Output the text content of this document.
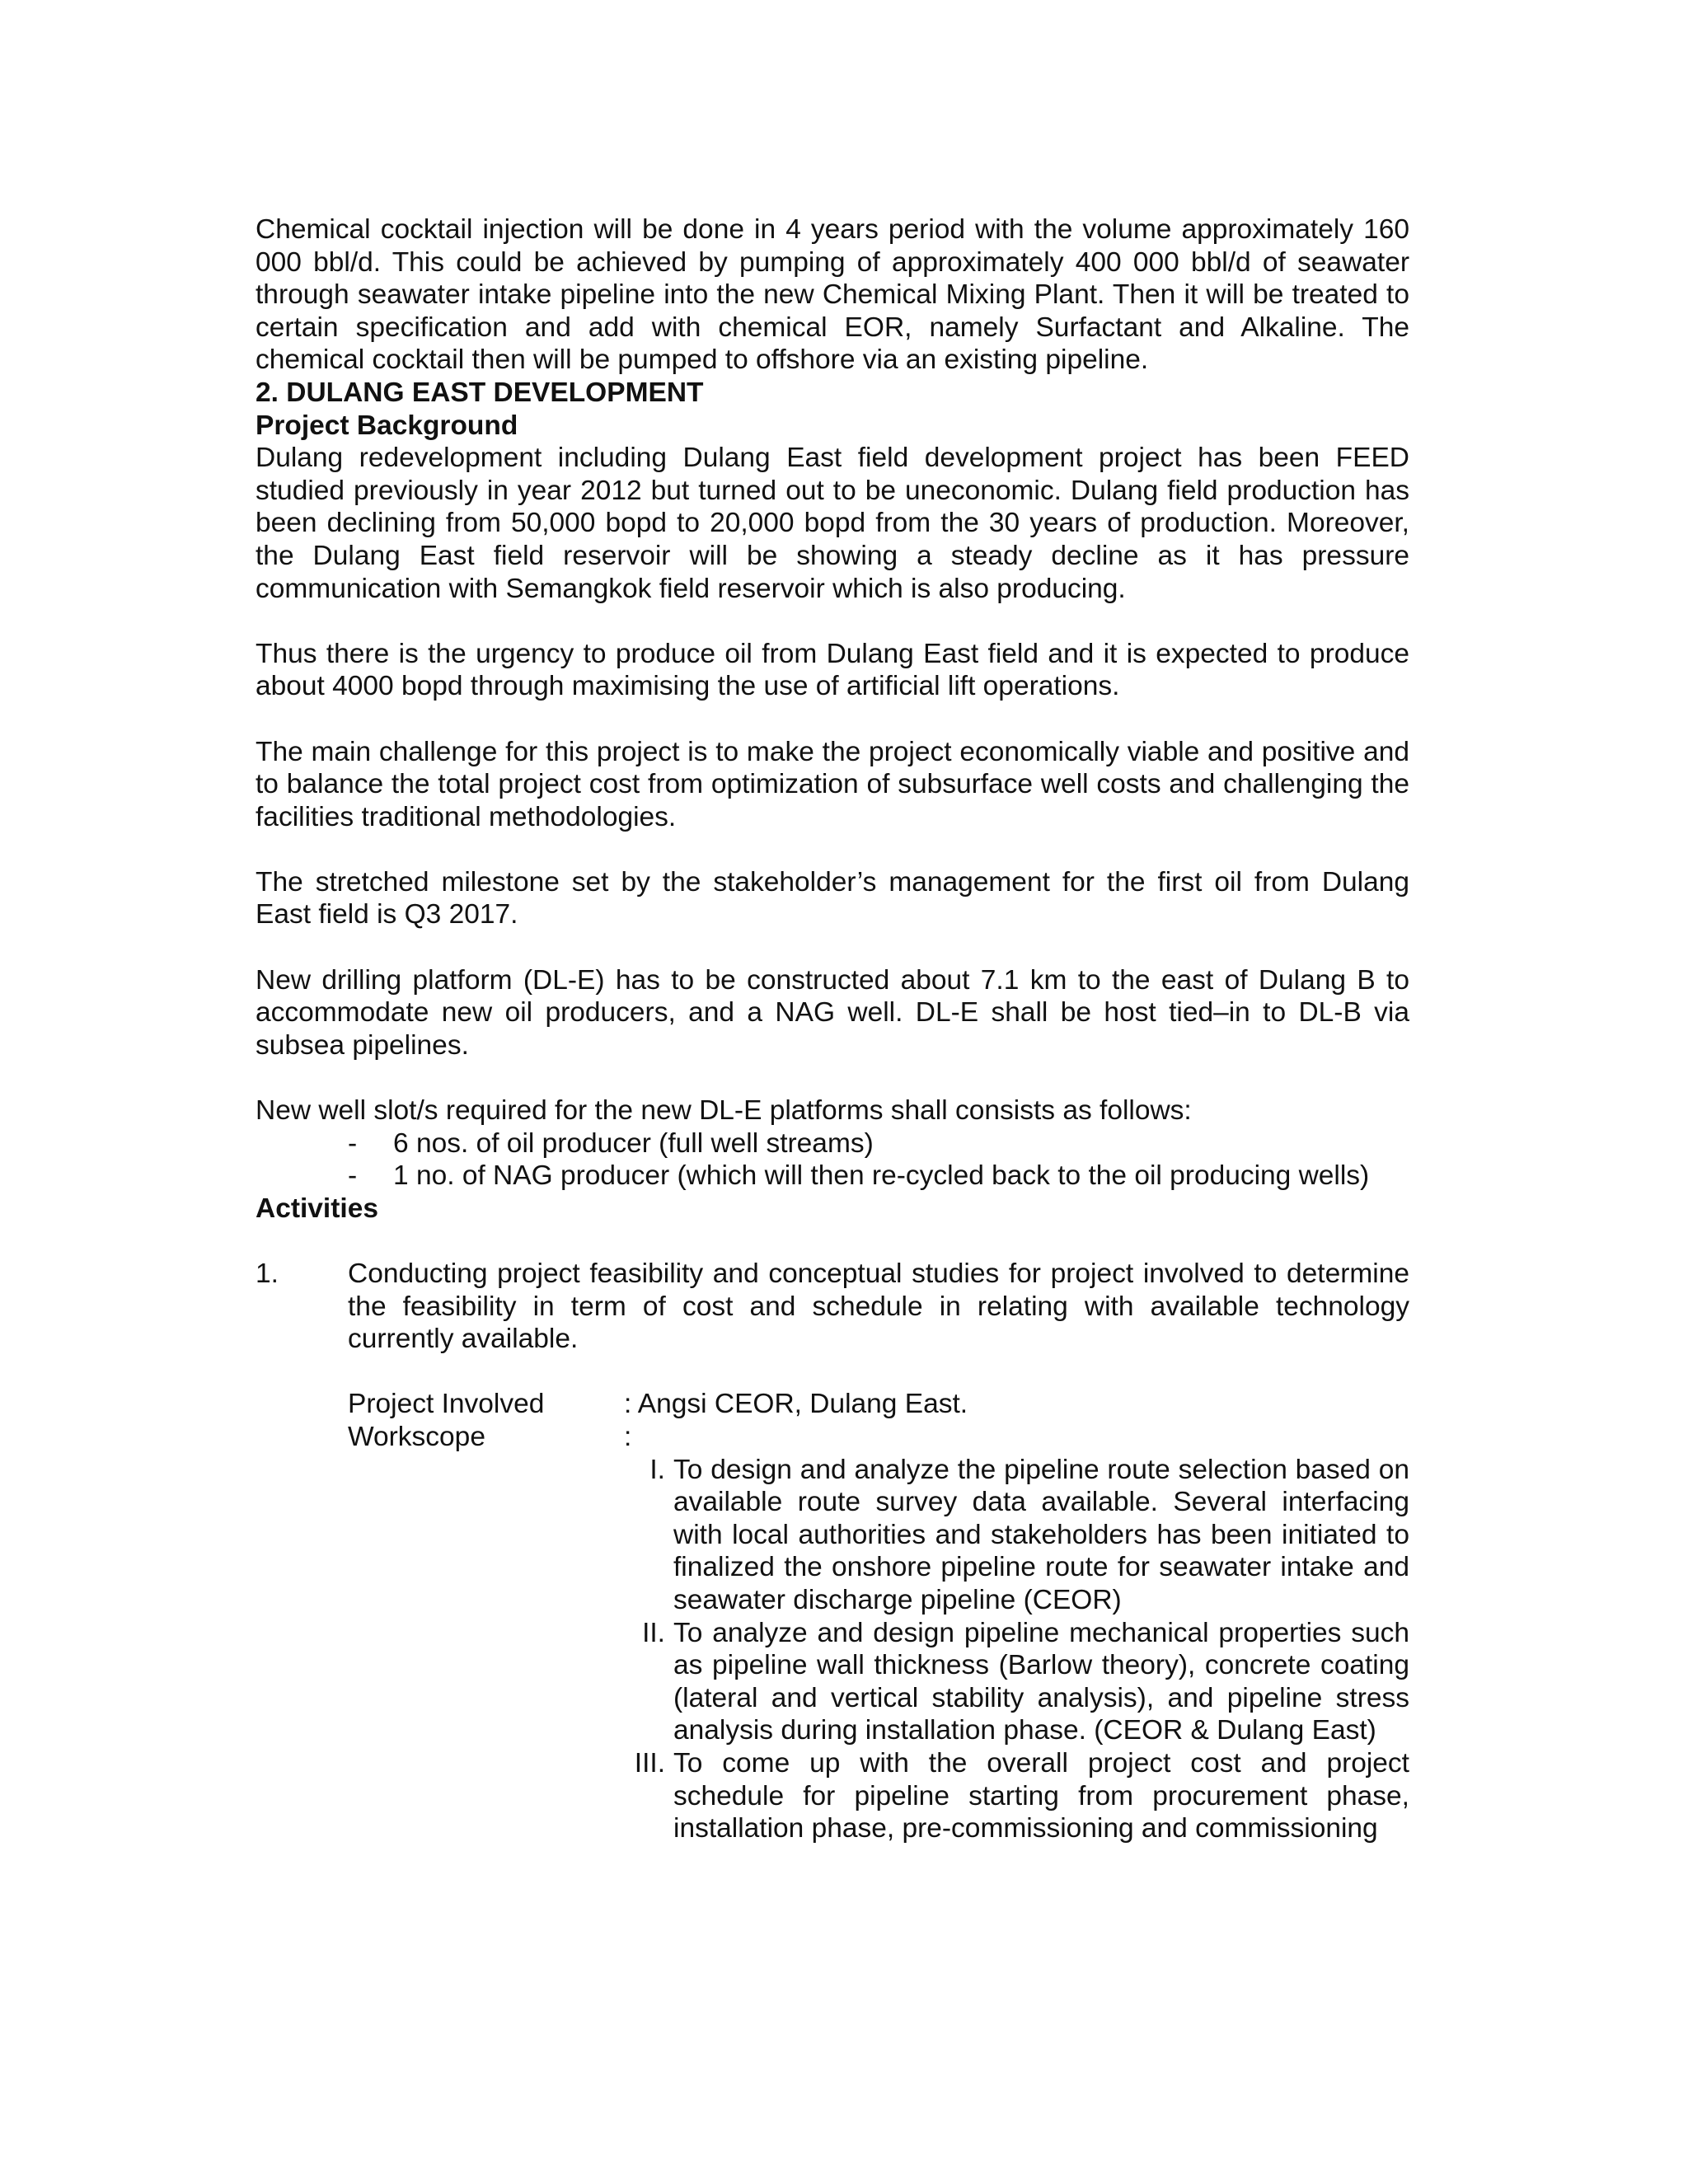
Chemical cocktail injection will be done in 4 years period with the volume approximately 160 000 bbl/d. This could be achieved by pumping of approximately 400 000 bbl/d of seawater through seawater intake pipeline into the new Chemical Mixing Plant. Then it will be treated to certain specification and add with chemical EOR, namely Surfactant and Alkaline. The chemical cocktail then will be pumped to offshore via an existing pipeline.

2. DULANG EAST DEVELOPMENT

Project Background

Dulang redevelopment including Dulang East field development project has been FEED studied previously in year 2012 but turned out to be uneconomic. Dulang field production has been declining from 50,000 bopd to 20,000 bopd from the 30 years of production. Moreover, the Dulang East field reservoir will be showing a steady decline as it has pressure communication with Semangkok field reservoir which is also producing.

Thus there is the urgency to produce oil from Dulang East field and it is expected to produce about 4000 bopd through maximising the use of artificial lift operations.

The main challenge for this project is to make the project economically viable and positive and to balance the total project cost from optimization of subsurface well costs and challenging the facilities traditional methodologies.

The stretched milestone set by the stakeholder’s management for the first oil from Dulang East field is Q3 2017.

New drilling platform (DL-E) has to be constructed about 7.1 km to the east of Dulang B to accommodate new oil producers, and a NAG well. DL-E shall be host tied–in to DL-B via subsea pipelines.

New well slot/s required for the new DL-E platforms shall consists as follows:

- 6 nos. of oil producer (full well streams)
- 1 no. of NAG producer (which will then re-cycled back to the oil producing wells)

Activities

1.	Conducting project feasibility and conceptual studies for project involved to determine the feasibility in term of cost and schedule in relating with available technology currently available.

Project Involved	: Angsi CEOR, Dulang East.
Workscope	:
I. To design and analyze the pipeline route selection based on available route survey data available. Several interfacing with local authorities and stakeholders has been initiated to finalized the onshore pipeline route for seawater intake and seawater discharge pipeline (CEOR)
II. To analyze and design pipeline mechanical properties such as pipeline wall thickness (Barlow theory), concrete coating (lateral and vertical stability analysis), and pipeline stress analysis during installation phase. (CEOR & Dulang East)
III. To come up with the overall project cost and project schedule for pipeline starting from procurement phase, installation phase, pre-commissioning and commissioning
